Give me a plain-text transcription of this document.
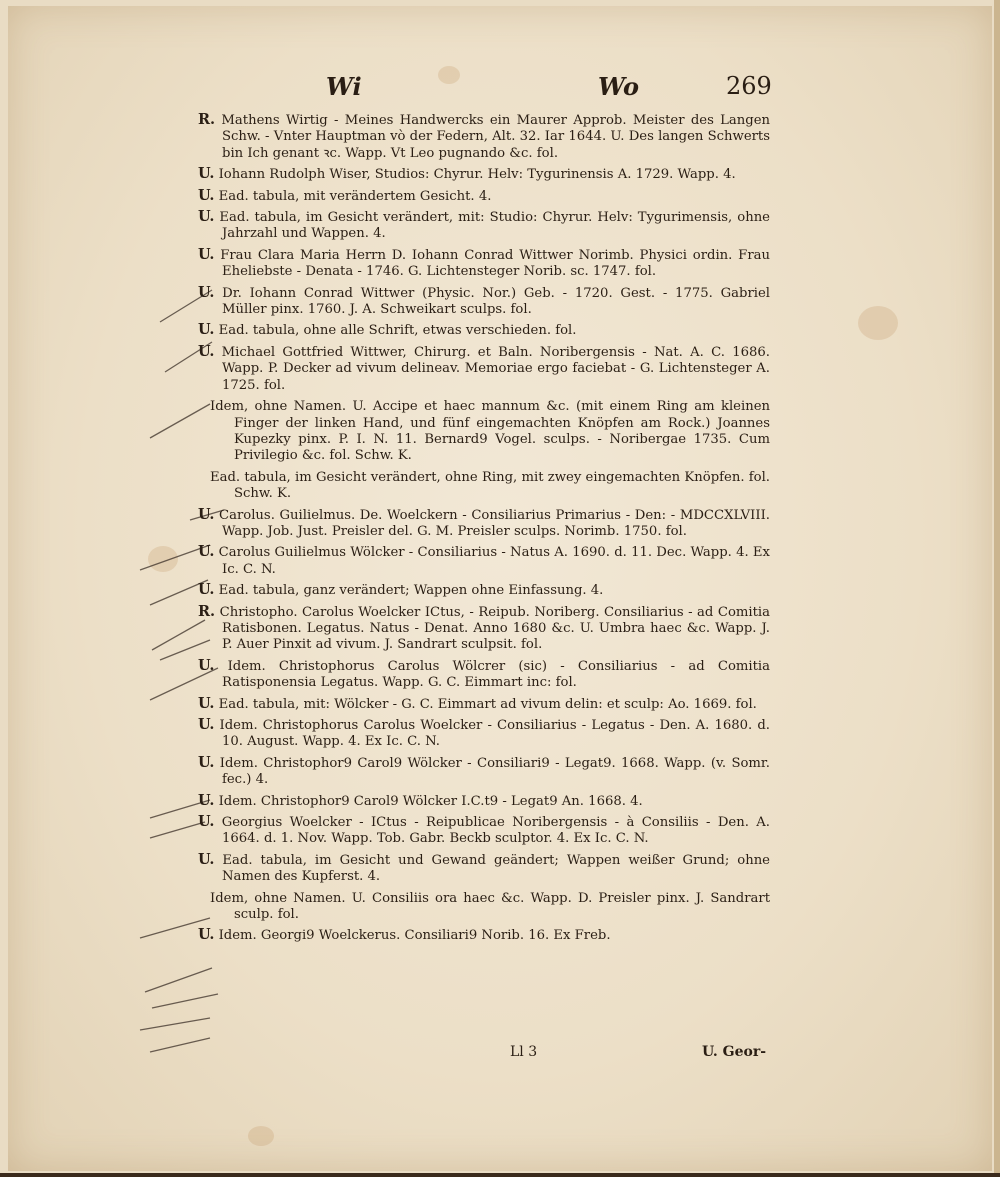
Wi	Wo	269
R. Mathens Wirtig - Meines Handwercks ein Maurer Approb. Meister des Langen Schw. - Vnter Hauptman vò der Federn, Alt. 32. Iar 1644. U. Des langen Schwerts bin Ich genant ꝛc. Wapp. Vt Leo pugnando &c. fol.
U. Iohann Rudolph Wiser, Studios: Chyrur. Helv: Tygurinensis A. 1729. Wapp. 4.
U. Ead. tabula, mit verändertem Gesicht. 4.
U. Ead. tabula, im Gesicht verändert, mit: Studio: Chyrur. Helv: Tygurimensis, ohne Jahrzahl und Wappen. 4.
U. Frau Clara Maria Herrn D. Iohann Conrad Wittwer Norimb. Physici ordin. Frau Eheliebste - Denata - 1746. G. Lichtensteger Norib. sc. 1747. fol.
U. Dr. Iohann Conrad Wittwer (Physic. Nor.) Geb. - 1720. Gest. - 1775. Gabriel Müller pinx. 1760. J. A. Schweikart sculps. fol.
U. Ead. tabula, ohne alle Schrift, etwas verschieden. fol.
U. Michael Gottfried Wittwer, Chirurg. et Baln. Noribergensis - Nat. A. C. 1686. Wapp. P. Decker ad vivum delineav. Memoriae ergo faciebat - G. Lichtensteger A. 1725. fol.
Idem, ohne Namen. U. Accipe et haec mannum &c. (mit einem Ring am kleinen Finger der linken Hand, und fünf eingemachten Knöpfen am Rock.) Joannes Kupezky pinx. P. I. N. 11. Bernard9 Vogel. sculps. - Noribergae 1735. Cum Privilegio &c. fol. Schw. K.
Ead. tabula, im Gesicht verändert, ohne Ring, mit zwey eingemachten Knöpfen. fol. Schw. K.
U. Carolus. Guilielmus. De. Woelckern - Consiliarius Primarius - Den: - MDCCXLVIII. Wapp. Job. Just. Preisler del. G. M. Preisler sculps. Norimb. 1750. fol.
U. Carolus Guilielmus Wölcker - Consiliarius - Natus A. 1690. d. 11. Dec. Wapp. 4. Ex Ic. C. N.
U. Ead. tabula, ganz verändert; Wappen ohne Einfassung. 4.
R. Christopho. Carolus Woelcker ICtus, - Reipub. Noriberg. Consiliarius - ad Comitia Ratisbonen. Legatus. Natus - Denat. Anno 1680 &c. U. Umbra haec &c. Wapp. J. P. Auer Pinxit ad vivum. J. Sandrart sculpsit. fol.
U. Idem. Christophorus Carolus Wölcrer (sic) - Consiliarius - ad Comitia Ratisponensia Legatus. Wapp. G. C. Eimmart inc: fol.
U. Ead. tabula, mit: Wölcker - G. C. Eimmart ad vivum delin: et sculp: Ao. 1669. fol.
U. Idem. Christophorus Carolus Woelcker - Consiliarius - Legatus - Den. A. 1680. d. 10. August. Wapp. 4. Ex Ic. C. N.
U. Idem. Christophor9 Carol9 Wölcker - Consiliari9 - Legat9. 1668. Wapp. (v. Somr. fec.) 4.
U. Idem. Christophor9 Carol9 Wölcker I.C.t9 - Legat9 An. 1668. 4.
U. Georgius Woelcker - ICtus - Reipublicae Noribergensis - à Consiliis - Den. A. 1664. d. 1. Nov. Wapp. Tob. Gabr. Beckb sculptor. 4. Ex Ic. C. N.
U. Ead. tabula, im Gesicht und Gewand geändert; Wappen weißer Grund; ohne Namen des Kupferst. 4.
Idem, ohne Namen. U. Consiliis ora haec &c. Wapp. D. Preisler pinx. J. Sandrart sculp. fol.
U. Idem. Georgi9 Woelckerus. Consiliari9 Norib. 16. Ex Freb.
Ll 3	U. Geor-
